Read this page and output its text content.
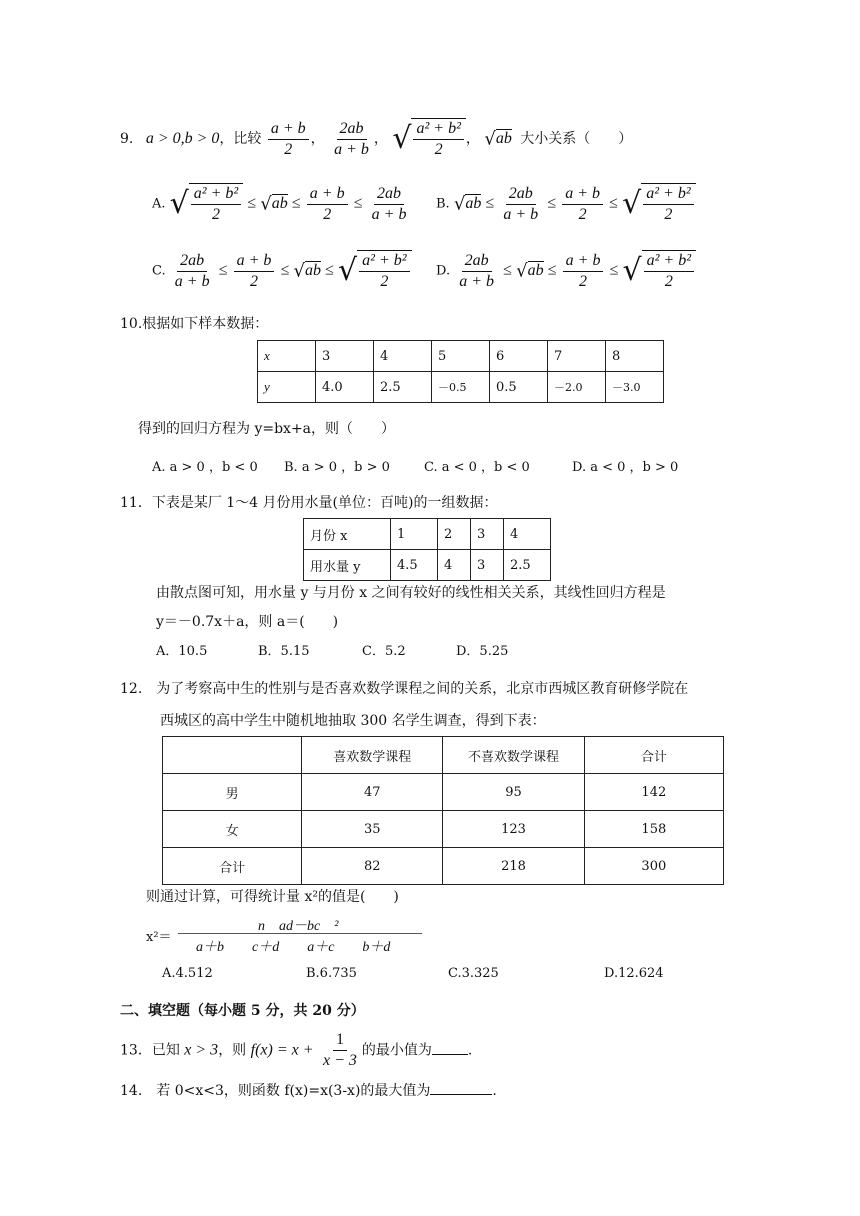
9. a > 0,b > 0，比较 $\frac{a + b}{2}$ ， $\frac{2ab}{a + b}$ ， √ $\frac{\text{a² + b²}}{2}$ ， √ab 大小关系（　　）
A. √ $\frac{\text{a² + b²}}{2} \le √ab \le \frac{a + b}{2} \le \frac{2ab}{a + b} B$. $√ab \le \frac{2ab}{a + b} \le \frac{a + b}{2}$ ≤ √ $\frac{\text{a² + b²}}{2}$
C. $\frac{2ab}{a + b} \le \frac{a + b}{2} \le √ab$ ≤ √ $\frac{\text{a² + b²}}{2} D$. $\frac{2ab}{a + b} \le √ab \le \frac{a + b}{2}$ ≤ √ $\frac{\text{a² + b²}}{2}$
10.根据如下样本数据：
x	3	4	5	6	7	8
y	4.0	2.5	－0.5	0.5	－2.0	－3.0
得到的回归方程为 y=bx+a，则（　　）
A. a > 0 ，b < 0 B. a > 0 ，b > 0	C. a < 0 ，b < 0	D. a < 0 ，b > 0
11．下表是某厂 1～4 月份用水量(单位：百吨)的一组数据：
月份 x	1	2	3	4
用水量 y	4.5	4	3	2.5
由散点图可知，用水量 y 与月份 x 之间有较好的线性相关关系，其线性回归方程是
y＝－0.7x＋a，则 a＝(　　)
A．10.5	B．5.15	C．5.2	D．5.25
12.　为了考察高中生的性别与是否喜欢数学课程之间的关系，北京市西城区教育研修学院在
西城区的高中学生中随机地抽取 300 名学生调查，得到下表：
	喜欢数学课程	不喜欢数学课程	合计
男	47	95	142
女	35	123	158
合计	82	218	300
则通过计算，可得统计量 x²的值是(　　)
x²＝
n　ad－bc　²
a＋b　　c＋d　　a＋c　　b＋d
A.4.512	B.6.735	C.3.325	D.12.624
二、填空题（每小题 5 分，共 20 分）
13．已知 x > 3，则 $f(x) = x + \frac{1}{x - 3}$ 的最小值为	.
14.　若 0<x<3，则函数 f(x)=x(3-x)的最大值为	.
